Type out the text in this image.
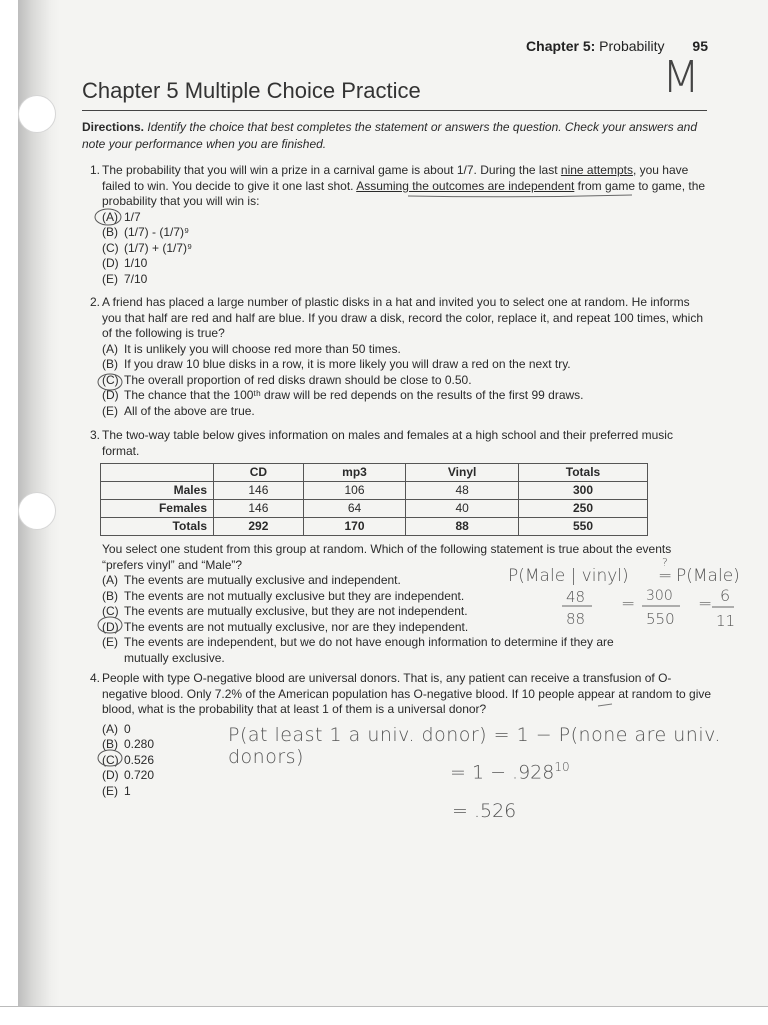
Chapter 5: Probability 95
Chapter 5 Multiple Choice Practice
Directions. Identify the choice that best completes the statement or answers the question. Check your answers and note your performance when you are finished.
1. The probability that you will win a prize in a carnival game is about 1/7. During the last nine attempts, you have failed to win. You decide to give it one last shot. Assuming the outcomes are independent from game to game, the probability that you will win is:
(A) 1/7
(B) (1/7) - (1/7)⁹
(C) (1/7) + (1/7)⁹
(D) 1/10
(E) 7/10
2. A friend has placed a large number of plastic disks in a hat and invited you to select one at random. He informs you that half are red and half are blue. If you draw a disk, record the color, replace it, and repeat 100 times, which of the following is true?
(A) It is unlikely you will choose red more than 50 times.
(B) If you draw 10 blue disks in a row, it is more likely you will draw a red on the next try.
(C) The overall proportion of red disks drawn should be close to 0.50.
(D) The chance that the 100ᵗʰ draw will be red depends on the results of the first 99 draws.
(E) All of the above are true.
3. The two-way table below gives information on males and females at a high school and their preferred music format.
	CD	mp3	Vinyl	Totals
Males	146	106	48	300
Females	146	64	40	250
Totals	292	170	88	550
You select one student from this group at random. Which of the following statement is true about the events “prefers vinyl” and “Male”?
(A) The events are mutually exclusive and independent.
(B) The events are not mutually exclusive but they are independent.
(C) The events are mutually exclusive, but they are not independent.
(D) The events are not mutually exclusive, nor are they independent.
(E) The events are independent, but we do not have enough information to determine if they are
mutually exclusive.
4. People with type O-negative blood are universal donors. That is, any patient can receive a transfusion of O-negative blood. Only 7.2% of the American population has O-negative blood. If 10 people appear at random to give blood, what is the probability that at least 1 of them is a universal donor?
(A) 0
(B) 0.280
(C) 0.526
(D) 0.720
(E) 1
M
P(Male | vinyl)
?
= P(Male)
48
88
= 300
550
= 6
11
P(at least 1 a univ. donor) = 1 − P(none are univ. donors)
= $1 - .928^{10}$
= .526
